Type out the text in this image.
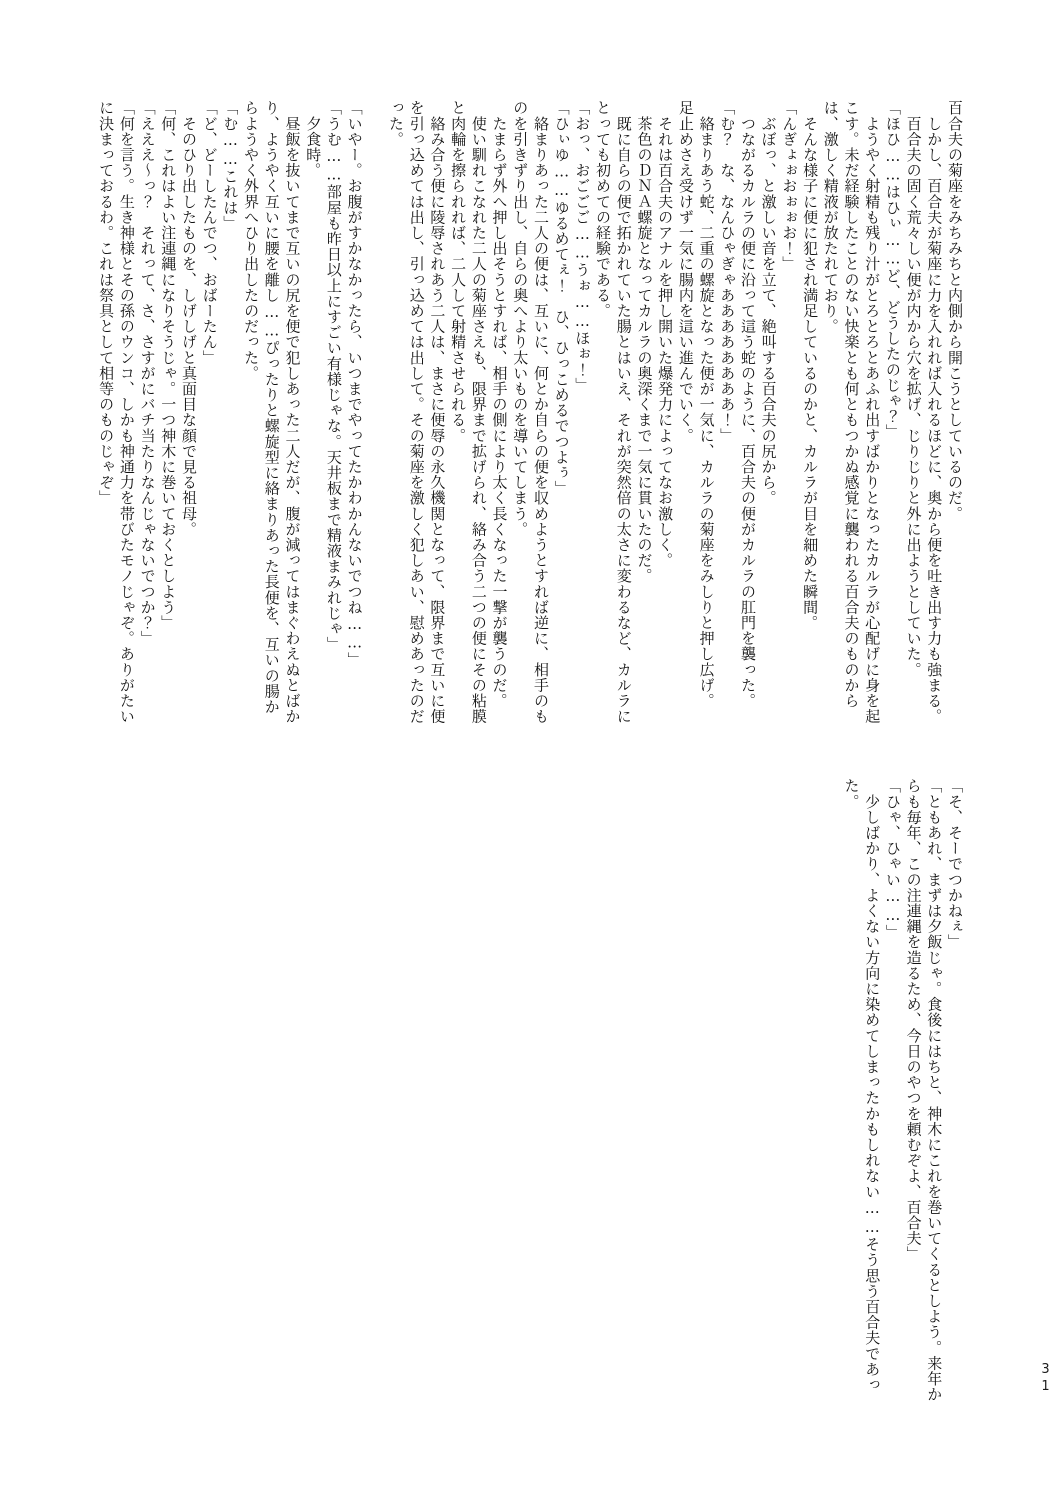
百合夫の菊座をみちみちと内側から開こうとしているのだ。

　しかし、百合夫が菊座に力を入れれば入れるほどに、奥から便を吐き出す力も強まる。

　百合夫の固く荒々しい便が内から穴を拡げ、じりじりと外に出ようとしていた。

「ほひ……はひぃ……ど、どうしたのじゃ？」

　ようやく射精も残り汁がとろとろとあふれ出すばかりとなったカルラが心配げに身を起こす。未だ経験したことのない快楽とも何ともつかぬ感覚に襲われる百合夫のものからは、激しく精液が放たれており。

　そんな様子に便に犯され満足しているのかと、カルラが目を細めた瞬間。

「んぎょぉおぉぉお！」

　ぶぼっ、と激しい音を立て、絶叫する百合夫の尻から。

　つながるカルラの便に沿って這う蛇のように、百合夫の便がカルラの肛門を襲った。

「む？　な、なんひゃぎゃああああああああ！」

　絡まりあう蛇、二重の螺旋となった便が一気に、カルラの菊座をみしりと押し広げ。

足止めさえ受けず一気に腸内を這い進んでいく。

　それは百合夫のアナルを押し開いた爆発力によってなお激しく。

　茶色のＤＮＡ螺旋となってカルラの奥深くまで一気に貫いたのだ。

　既に自らの便で拓かれていた腸とはいえ、それが突然倍の太さに変わるなど、カルラにとっても初めての経験である。

「おっ、おごごご……うぉ……ほぉ！」

「ひぃゆ……ゆるめてぇ！　ひ、ひっこめるでつよぅ」

　絡まりあった二人の便は、互いに、何とか自らの便を収めようとすれば逆に、相手のものを引きずり出し、自らの奥へより太いものを導いてしまう。

　たまらず外へ押し出そうとすれば、相手の側により太く長くなった一撃が襲うのだ。

　使い馴れこなれた二人の菊座さえも、限界まで拡げられ、絡み合う二つの便にその粘膜と肉輪を擦られれば、二人して射精させられる。

　絡み合う便に陵辱されあう二人は、まさに便辱の永久機関となって、限界まで互いに便を引っ込めては出し、引っ込めては出して。その菊座を激しく犯しあい、慰めあったのだった。

「いやー。お腹がすかなかったら、いつまでやってたかわかんないでつね……」

「うむ……部屋も昨日以上にすごい有様じゃな。天井板まで精液まみれじゃ」

　夕食時。

　昼飯を抜いてまで互いの尻を便で犯しあった二人だが、腹が減ってはまぐわえぬとばかり、ようやく互いに腰を離し……ぴったりと螺旋型に絡まりあった長便を、互いの腸からようやく外界へひり出したのだった。

「む……これは」

「ど、どーしたんでつ、おばーたん」

　そのひり出したものを、しげしげと真面目な顔で見る祖母。

「何、これはよい注連縄になりそうじゃ。一つ神木に巻いておくとしよう」

「えええ〜っ？　それって、さ、さすがにバチ当たりなんじゃないでつか？」

「何を言う。生き神様とその孫のウンコ、しかも神通力を帯びたモノじゃぞ。ありがたいに決まっておるわ。これは祭具として相等のものじゃぞ」

「そ、そーでつかねぇ」

「ともあれ、まずは夕飯じゃ。食後にはちと、神木にこれを巻いてくるとしよう。来年からも毎年、この注連縄を造るため、今日のやつを頼むぞよ、百合夫」

「ひゃ、ひゃい……」

　少しばかり、よくない方向に染めてしまったかもしれない……そう思う百合夫であった。

31
